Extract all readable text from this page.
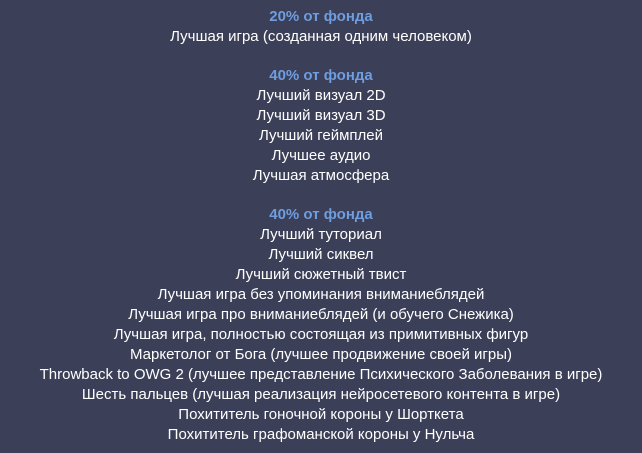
20% от фонда
Лучшая игра (созданная одним человеком)
40% от фонда
Лучший визуал 2D
Лучший визуал 3D
Лучший геймплей
Лучшее аудио
Лучшая атмосфера
40% от фонда
Лучший туториал
Лучший сиквел
Лучший сюжетный твист
Лучшая игра без упоминания вниманиеблядей
Лучшая игра про вниманиеблядей (и обучего Снежика)
Лучшая игра, полностью состоящая из примитивных фигур
Маркетолог от Бога (лучшее продвижение своей игры)
Throwback to OWG 2 (лучшее представление Психического Заболевания в игре)
Шесть пальцев (лучшая реализация нейросетевого контента в игре)
Похититель гоночной короны у Шорткета
Похититель графоманской короны у Нульча
